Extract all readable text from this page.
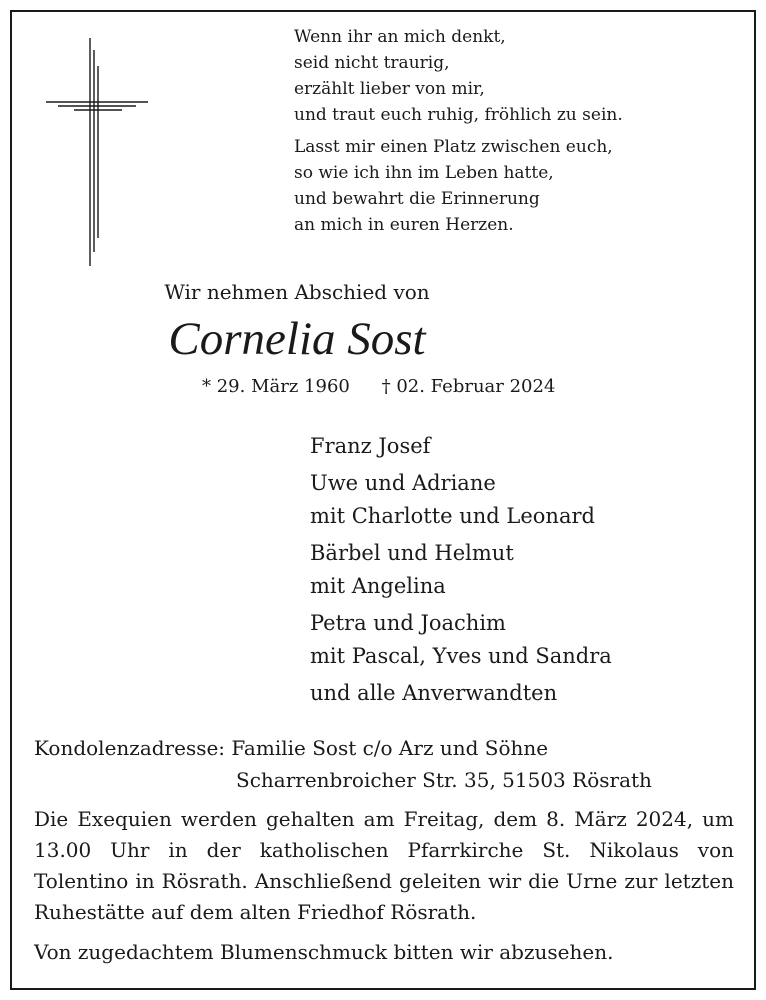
Wenn ihr an mich denkt,
seid nicht traurig,
erzählt lieber von mir,
und traut euch ruhig, fröhlich zu sein.
Lasst mir einen Platz zwischen euch,
so wie ich ihn im Leben hatte,
und bewahrt die Erinnerung
an mich in euren Herzen.
Wir nehmen Abschied von
Cornelia Sost
* 29. März 1960 † 02. Februar 2024
Franz Josef
Uwe und Adriane
mit Charlotte und Leonard
Bärbel und Helmut
mit Angelina
Petra und Joachim
mit Pascal, Yves und Sandra
und alle Anverwandten
Kondolenzadresse: Familie Sost c/o Arz und Söhne
Scharrenbroicher Str. 35, 51503 Rösrath
Die Exequien werden gehalten am Freitag, dem 8. März 2024, um 13.00 Uhr in der katholischen Pfarrkirche St. Nikolaus von Tolentino in Rösrath. Anschließend geleiten wir die Urne zur letzten Ruhestätte auf dem alten Friedhof Rösrath.
Von zugedachtem Blumenschmuck bitten wir abzusehen.
